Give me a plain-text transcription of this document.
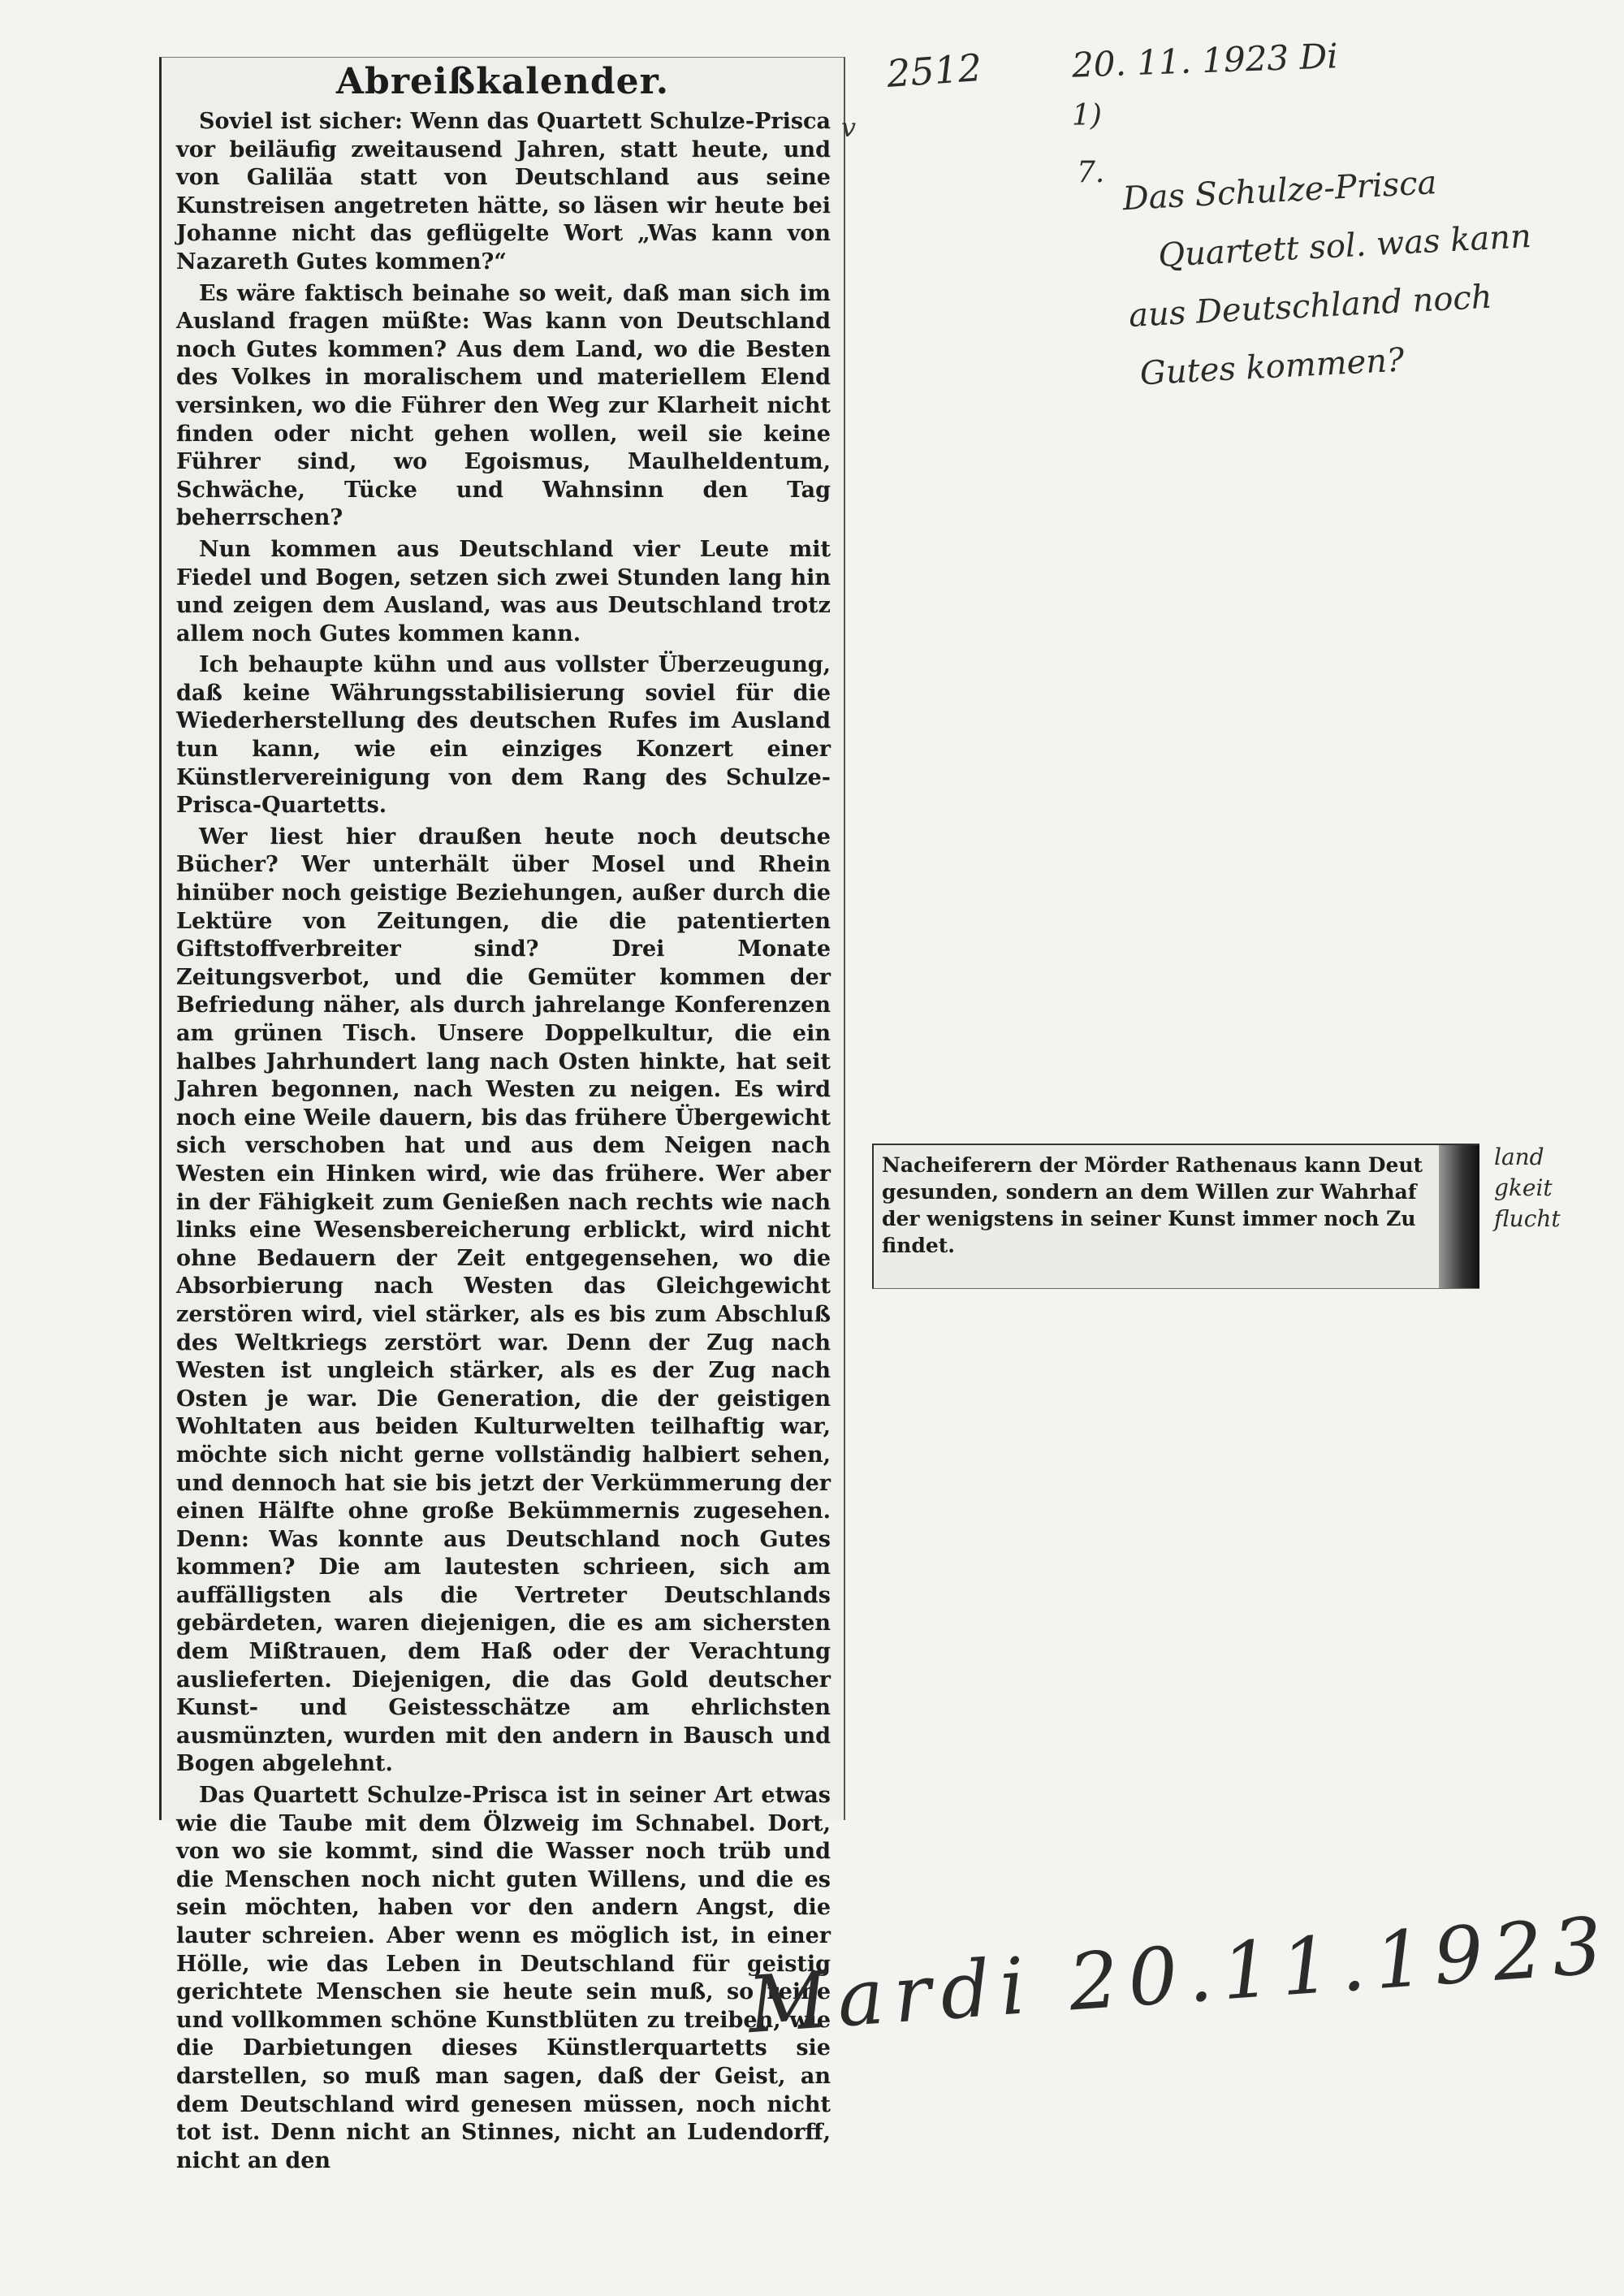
Abreißkalender.

Soviel ist sicher: Wenn das Quartett Schulze-Prisca vor beiläufig zweitausend Jahren, statt heute, und von Galiläa statt von Deutschland aus seine Kunstreisen angetreten hätte, so läsen wir heute bei Johanne nicht das geflügelte Wort „Was kann von Nazareth Gutes kommen?“

Es wäre faktisch beinahe so weit, daß man sich im Ausland fragen müßte: Was kann von Deutschland noch Gutes kommen? Aus dem Land, wo die Besten des Volkes in moralischem und materiellem Elend versinken, wo die Führer den Weg zur Klarheit nicht finden oder nicht gehen wollen, weil sie keine Führer sind, wo Egoismus, Maulheldentum, Schwäche, Tücke und Wahnsinn den Tag beherrschen?

Nun kommen aus Deutschland vier Leute mit Fiedel und Bogen, setzen sich zwei Stunden lang hin und zeigen dem Ausland, was aus Deutschland trotz allem noch Gutes kommen kann.

Ich behaupte kühn und aus vollster Überzeugung, daß keine Währungsstabilisierung soviel für die Wiederherstellung des deutschen Rufes im Ausland tun kann, wie ein einziges Konzert einer Künstlervereinigung von dem Rang des Schulze-Prisca-Quartetts.

Wer liest hier draußen heute noch deutsche Bücher? Wer unterhält über Mosel und Rhein hinüber noch geistige Beziehungen, außer durch die Lektüre von Zeitungen, die die patentierten Giftstoffverbreiter sind? Drei Monate Zeitungsverbot, und die Gemüter kommen der Befriedung näher, als durch jahrelange Konferenzen am grünen Tisch. Unsere Doppelkultur, die ein halbes Jahrhundert lang nach Osten hinkte, hat seit Jahren begonnen, nach Westen zu neigen. Es wird noch eine Weile dauern, bis das frühere Übergewicht sich verschoben hat und aus dem Neigen nach Westen ein Hinken wird, wie das frühere. Wer aber in der Fähigkeit zum Genießen nach rechts wie nach links eine Wesensbereicherung erblickt, wird nicht ohne Bedauern der Zeit entgegensehen, wo die Absorbierung nach Westen das Gleichgewicht zerstören wird, viel stärker, als es bis zum Abschluß des Weltkriegs zerstört war. Denn der Zug nach Westen ist ungleich stärker, als es der Zug nach Osten je war. Die Generation, die der geistigen Wohltaten aus beiden Kulturwelten teilhaftig war, möchte sich nicht gerne vollständig halbiert sehen, und dennoch hat sie bis jetzt der Verkümmerung der einen Hälfte ohne große Bekümmernis zugesehen. Denn: Was konnte aus Deutschland noch Gutes kommen? Die am lautesten schrieen, sich am auffälligsten als die Vertreter Deutschlands gebärdeten, waren diejenigen, die es am sichersten dem Mißtrauen, dem Haß oder der Verachtung auslieferten. Diejenigen, die das Gold deutscher Kunst- und Geistesschätze am ehrlichsten ausmünzten, wurden mit den andern in Bausch und Bogen abgelehnt.

Das Quartett Schulze-Prisca ist in seiner Art etwas wie die Taube mit dem Ölzweig im Schnabel. Dort, von wo sie kommt, sind die Wasser noch trüb und die Menschen noch nicht guten Willens, und die es sein möchten, haben vor den andern Angst, die lauter schreien. Aber wenn es möglich ist, in einer Hölle, wie das Leben in Deutschland für geistig gerichtete Menschen sie heute sein muß, so reine und vollkommen schöne Kunstblüten zu treiben, wie die Darbietungen dieses Künstlerquartetts sie darstellen, so muß man sagen, daß der Geist, an dem Deutschland wird genesen müssen, noch nicht tot ist. Denn nicht an Stinnes, nicht an Ludendorff, nicht an den

v

Nacheiferern der Mörder Rathenaus kann Deut

gesunden, sondern an dem Willen zur Wahrhaf

der wenigstens in seiner Kunst immer noch Zu

findet.

2512	20. 11. 1923 Di
1)
7. Das Schulze-Prisca
Quartett sol. was kann
aus Deutschland noch
Gutes kommen?
land
gkeit
flucht
Mardi 20.11.1923
